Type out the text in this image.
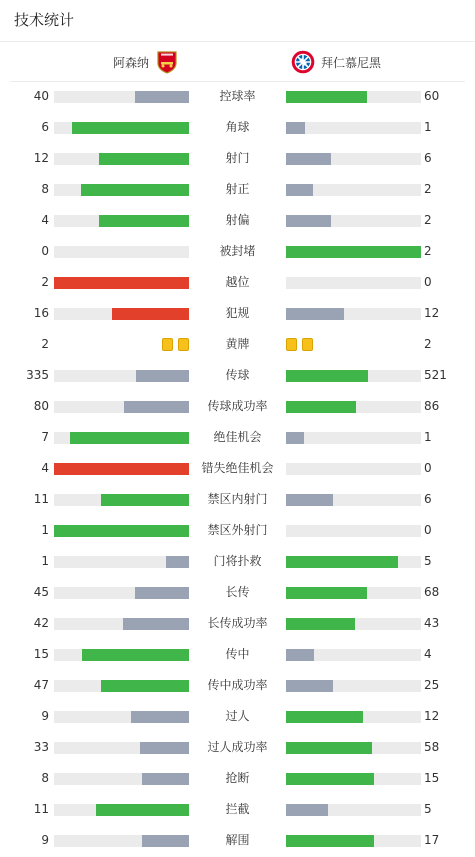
技术统计
阿森纳	拜仁慕尼黑
40	控球率	60
6	角球	1
12	射门	6
8	射正	2
4	射偏	2
0	被封堵	2
2	越位	0
16	犯规	12
2	黄牌	2
335	传球	521
80	传球成功率	86
7	绝佳机会	1
4	错失绝佳机会	0
11	禁区内射门	6
1	禁区外射门	0
1	门将扑救	5
45	长传	68
42	长传成功率	43
15	传中	4
47	传中成功率	25
9	过人	12
33	过人成功率	58
8	抢断	15
11	拦截	5
9	解围	17
